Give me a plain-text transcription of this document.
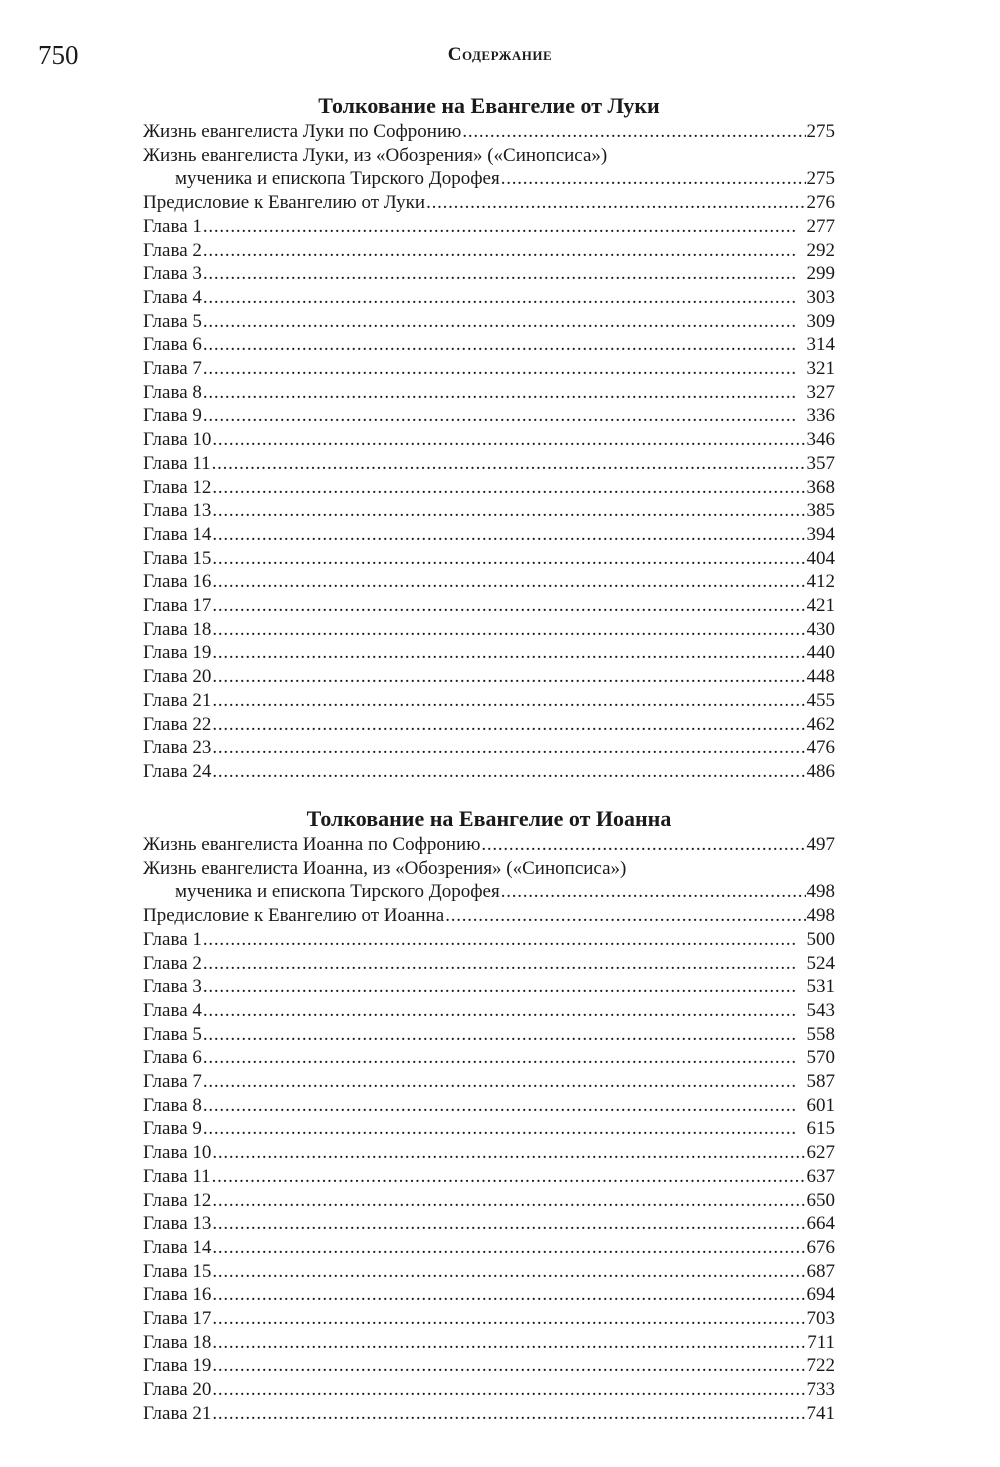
750	Содержание
Толкование на Евангелие от Луки
Жизнь евангелиста Луки по Софронию . . .	275
Жизнь евангелиста Луки, из «Обозрения» («Синопсиса»)
мученика и епископа Тирского Дорофея . . .	275
Предисловие к Евангелию от Луки . . .	276
Глава 1 . . .	277
Глава 2 . . .	292
Глава 3 . . .	299
Глава 4 . . .	303
Глава 5 . . .	309
Глава 6 . . .	314
Глава 7 . . .	321
Глава 8 . . .	327
Глава 9 . . .	336
Глава 10 . . .	346
Глава 11 . . .	357
Глава 12 . . .	368
Глава 13 . . .	385
Глава 14 . . .	394
Глава 15 . . .	404
Глава 16 . . .	412
Глава 17 . . .	421
Глава 18 . . .	430
Глава 19 . . .	440
Глава 20 . . .	448
Глава 21 . . .	455
Глава 22 . . .	462
Глава 23 . . .	476
Глава 24 . . .	486
Толкование на Евангелие от Иоанна
Жизнь евангелиста Иоанна по Софронию . . .	497
Жизнь евангелиста Иоанна, из «Обозрения» («Синопсиса»)
мученика и епископа Тирского Дорофея . . .	498
Предисловие к Евангелию от Иоанна . . .	498
Глава 1 . . .	500
Глава 2 . . .	524
Глава 3 . . .	531
Глава 4 . . .	543
Глава 5 . . .	558
Глава 6 . . .	570
Глава 7 . . .	587
Глава 8 . . .	601
Глава 9 . . .	615
Глава 10 . . .	627
Глава 11 . . .	637
Глава 12 . . .	650
Глава 13 . . .	664
Глава 14 . . .	676
Глава 15 . . .	687
Глава 16 . . .	694
Глава 17 . . .	703
Глава 18 . . .	711
Глава 19 . . .	722
Глава 20 . . .	733
Глава 21 . . .	741
